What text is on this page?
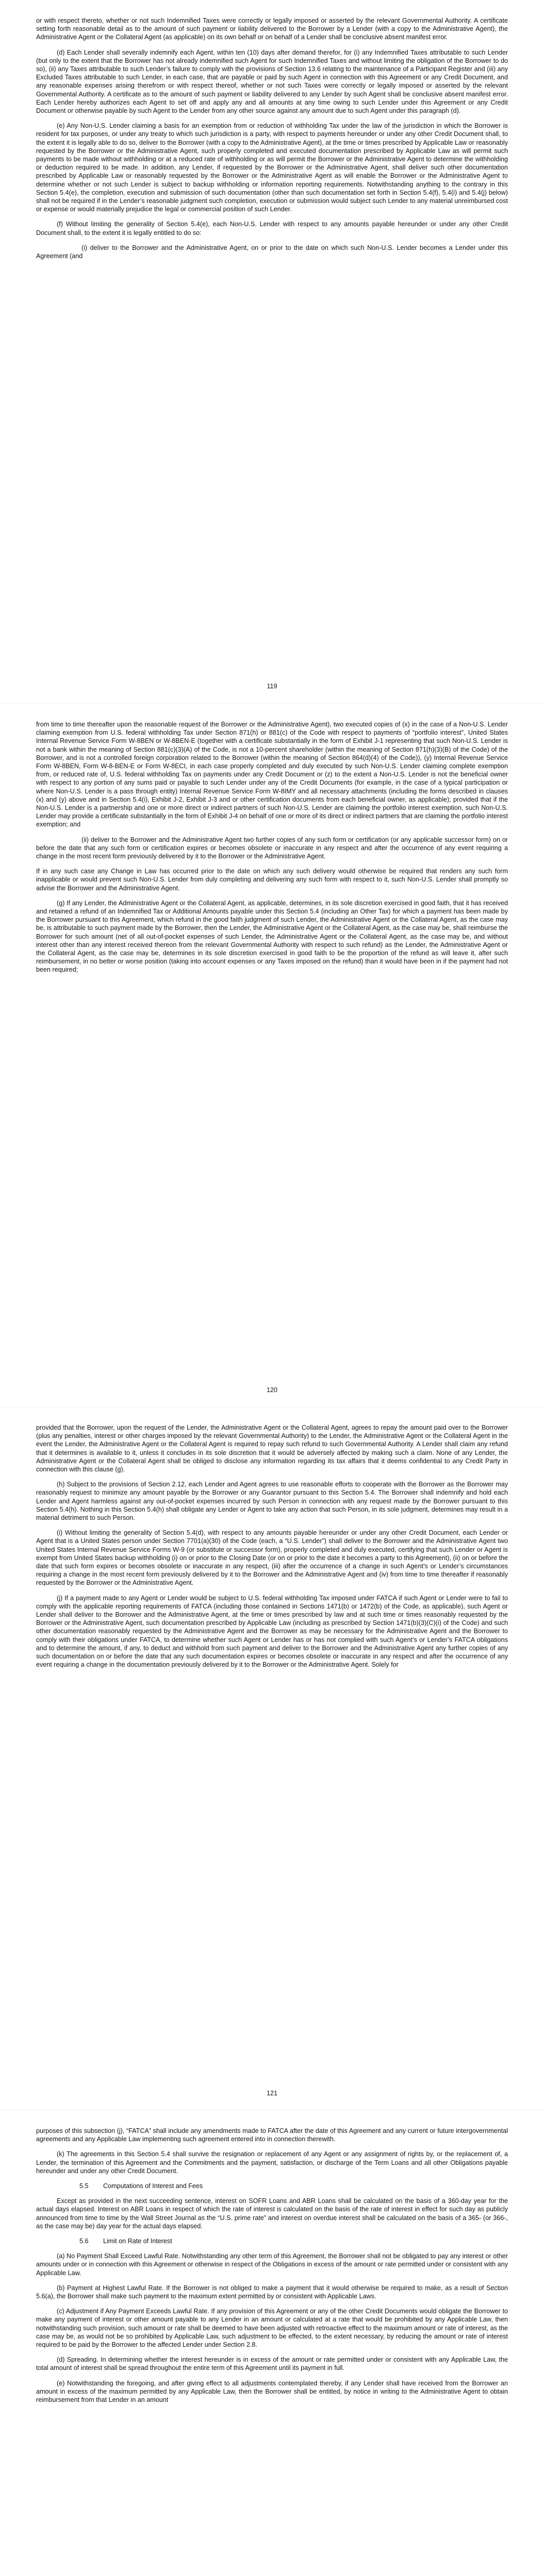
or with respect thereto, whether or not such Indemnified Taxes were correctly or legally imposed or asserted by the relevant Governmental Authority. A certificate setting forth reasonable detail as to the amount of such payment or liability delivered to the Borrower by a Lender (with a copy to the Administrative Agent), the Administrative Agent or the Collateral Agent (as applicable) on its own behalf or on behalf of a Lender shall be conclusive absent manifest error.

(d) Each Lender shall severally indemnify each Agent, within ten (10) days after demand therefor, for (i) any Indemnified Taxes attributable to such Lender (but only to the extent that the Borrower has not already indemnified such Agent for such Indemnified Taxes and without limiting the obligation of the Borrower to do so), (ii) any Taxes attributable to such Lender’s failure to comply with the provisions of Section 13.6 relating to the maintenance of a Participant Register and (iii) any Excluded Taxes attributable to such Lender, in each case, that are payable or paid by such Agent in connection with this Agreement or any Credit Document, and any reasonable expenses arising therefrom or with respect thereof, whether or not such Taxes were correctly or legally imposed or asserted by the relevant Governmental Authority. A certificate as to the amount of such payment or liability delivered to any Lender by such Agent shall be conclusive absent manifest error. Each Lender hereby authorizes each Agent to set off and apply any and all amounts at any time owing to such Lender under this Agreement or any Credit Document or otherwise payable by such Agent to the Lender from any other source against any amount due to such Agent under this paragraph (d).

(e) Any Non-U.S. Lender claiming a basis for an exemption from or reduction of withholding Tax under the law of the jurisdiction in which the Borrower is resident for tax purposes, or under any treaty to which such jurisdiction is a party, with respect to payments hereunder or under any other Credit Document shall, to the extent it is legally able to do so, deliver to the Borrower (with a copy to the Administrative Agent), at the time or times prescribed by Applicable Law or reasonably requested by the Borrower or the Administrative Agent, such properly completed and executed documentation prescribed by Applicable Law as will permit such payments to be made without withholding or at a reduced rate of withholding or as will permit the Borrower or the Administrative Agent to determine the withholding or deduction required to be made. In addition, any Lender, if requested by the Borrower or the Administrative Agent, shall deliver such other documentation prescribed by Applicable Law or reasonably requested by the Borrower or the Administrative Agent as will enable the Borrower or the Administrative Agent to determine whether or not such Lender is subject to backup withholding or information reporting requirements. Notwithstanding anything to the contrary in this Section 5.4(e), the completion, execution and submission of such documentation (other than such documentation set forth in Section 5.4(f), 5.4(i) and 5.4(j) below) shall not be required if in the Lender’s reasonable judgment such completion, execution or submission would subject such Lender to any material unreimbursed cost or expense or would materially prejudice the legal or commercial position of such Lender.

(f) Without limiting the generality of Section 5.4(e), each Non-U.S. Lender with respect to any amounts payable hereunder or under any other Credit Document shall, to the extent it is legally entitled to do so:

(i) deliver to the Borrower and the Administrative Agent, on or prior to the date on which such Non-U.S. Lender becomes a Lender under this Agreement (and

119

from time to time thereafter upon the reasonable request of the Borrower or the Administrative Agent), two executed copies of (x) in the case of a Non-U.S. Lender claiming exemption from U.S. federal withholding Tax under Section 871(h) or 881(c) of the Code with respect to payments of “portfolio interest”, United States Internal Revenue Service Form W-8BEN or W-8BEN-E (together with a certificate substantially in the form of Exhibit J-1 representing that such Non-U.S. Lender is not a bank within the meaning of Section 881(c)(3)(A) of the Code, is not a 10-percent shareholder (within the meaning of Section 871(h)(3)(B) of the Code) of the Borrower, and is not a controlled foreign corporation related to the Borrower (within the meaning of Section 864(d)(4) of the Code)), (y) Internal Revenue Service Form W-8BEN, Form W-8-BEN-E or Form W-8ECI, in each case properly completed and duly executed by such Non-U.S. Lender claiming complete exemption from, or reduced rate of, U.S. federal withholding Tax on payments under any Credit Document or (z) to the extent a Non-U.S. Lender is not the beneficial owner with respect to any portion of any sums paid or payable to such Lender under any of the Credit Documents (for example, in the case of a typical participation or where Non-U.S. Lender is a pass through entity) Internal Revenue Service Form W-8IMY and all necessary attachments (including the forms described in clauses (x) and (y) above and in Section 5.4(i), Exhibit J-2, Exhibit J-3 and or other certification documents from each beneficial owner, as applicable); provided that if the Non-U.S. Lender is a partnership and one or more direct or indirect partners of such Non-U.S. Lender are claiming the portfolio interest exemption, such Non-U.S. Lender may provide a certificate substantially in the form of Exhibit J-4 on behalf of one or more of its direct or indirect partners that are claiming the portfolio interest exemption; and

(ii) deliver to the Borrower and the Administrative Agent two further copies of any such form or certification (or any applicable successor form) on or before the date that any such form or certification expires or becomes obsolete or inaccurate in any respect and after the occurrence of any event requiring a change in the most recent form previously delivered by it to the Borrower or the Administrative Agent.

If in any such case any Change in Law has occurred prior to the date on which any such delivery would otherwise be required that renders any such form inapplicable or would prevent such Non-U.S. Lender from duly completing and delivering any such form with respect to it, such Non-U.S. Lender shall promptly so advise the Borrower and the Administrative Agent.

(g) If any Lender, the Administrative Agent or the Collateral Agent, as applicable, determines, in its sole discretion exercised in good faith, that it has received and retained a refund of an Indemnified Tax or Additional Amounts payable under this Section 5.4 (including an Other Tax) for which a payment has been made by the Borrower pursuant to this Agreement, which refund in the good faith judgment of such Lender, the Administrative Agent or the Collateral Agent, as the case may be, is attributable to such payment made by the Borrower, then the Lender, the Administrative Agent or the Collateral Agent, as the case may be, shall reimburse the Borrower for such amount (net of all out-of-pocket expenses of such Lender, the Administrative Agent or the Collateral Agent, as the case may be, and without interest other than any interest received thereon from the relevant Governmental Authority with respect to such refund) as the Lender, the Administrative Agent or the Collateral Agent, as the case may be, determines in its sole discretion exercised in good faith to be the proportion of the refund as will leave it, after such reimbursement, in no better or worse position (taking into account expenses or any Taxes imposed on the refund) than it would have been in if the payment had not been required;

120

provided that the Borrower, upon the request of the Lender, the Administrative Agent or the Collateral Agent, agrees to repay the amount paid over to the Borrower (plus any penalties, interest or other charges imposed by the relevant Governmental Authority) to the Lender, the Administrative Agent or the Collateral Agent in the event the Lender, the Administrative Agent or the Collateral Agent is required to repay such refund to such Governmental Authority. A Lender shall claim any refund that it determines is available to it, unless it concludes in its sole discretion that it would be adversely affected by making such a claim. None of any Lender, the Administrative Agent or the Collateral Agent shall be obliged to disclose any information regarding its tax affairs that it deems confidential to any Credit Party in connection with this clause (g).

(h) Subject to the provisions of Section 2.12, each Lender and Agent agrees to use reasonable efforts to cooperate with the Borrower as the Borrower may reasonably request to minimize any amount payable by the Borrower or any Guarantor pursuant to this Section 5.4. The Borrower shall indemnify and hold each Lender and Agent harmless against any out-of-pocket expenses incurred by such Person in connection with any request made by the Borrower pursuant to this Section 5.4(h). Nothing in this Section 5.4(h) shall obligate any Lender or Agent to take any action that such Person, in its sole judgment, determines may result in a material detriment to such Person.

(i) Without limiting the generality of Section 5.4(d), with respect to any amounts payable hereunder or under any other Credit Document, each Lender or Agent that is a United States person under Section 7701(a)(30) of the Code (each, a “U.S. Lender”) shall deliver to the Borrower and the Administrative Agent two United States Internal Revenue Service Forms W-9 (or substitute or successor form), properly completed and duly executed, certifying that such Lender or Agent is exempt from United States backup withholding (i) on or prior to the Closing Date (or on or prior to the date it becomes a party to this Agreement), (ii) on or before the date that such form expires or becomes obsolete or inaccurate in any respect, (iii) after the occurrence of a change in such Agent’s or Lender’s circumstances requiring a change in the most recent form previously delivered by it to the Borrower and the Administrative Agent and (iv) from time to time thereafter if reasonably requested by the Borrower or the Administrative Agent.

(j) If a payment made to any Agent or Lender would be subject to U.S. federal withholding Tax imposed under FATCA if such Agent or Lender were to fail to comply with the applicable reporting requirements of FATCA (including those contained in Sections 1471(b) or 1472(b) of the Code, as applicable), such Agent or Lender shall deliver to the Borrower and the Administrative Agent, at the time or times prescribed by law and at such time or times reasonably requested by the Borrower or the Administrative Agent, such documentation prescribed by Applicable Law (including as prescribed by Section 1471(b)(3)(C)(i) of the Code) and such other documentation reasonably requested by the Administrative Agent and the Borrower as may be necessary for the Administrative Agent and the Borrower to comply with their obligations under FATCA, to determine whether such Agent or Lender has or has not complied with such Agent’s or Lender’s FATCA obligations and to determine the amount, if any, to deduct and withhold from such payment and deliver to the Borrower and the Administrative Agent any further copies of any such documentation on or before the date that any such documentation expires or becomes obsolete or inaccurate in any respect and after the occurrence of any event requiring a change in the documentation previously delivered by it to the Borrower or the Administrative Agent. Solely for

121

purposes of this subsection (j), “FATCA” shall include any amendments made to FATCA after the date of this Agreement and any current or future intergovernmental agreements and any Applicable Law implementing such agreement entered into in connection therewith.

(k) The agreements in this Section 5.4 shall survive the resignation or replacement of any Agent or any assignment of rights by, or the replacement of, a Lender, the termination of this Agreement and the Commitments and the payment, satisfaction, or discharge of the Term Loans and all other Obligations payable hereunder and under any other Credit Document.

5.5 Computations of Interest and Fees

Except as provided in the next succeeding sentence, interest on SOFR Loans and ABR Loans shall be calculated on the basis of a 360-day year for the actual days elapsed. Interest on ABR Loans in respect of which the rate of interest is calculated on the basis of the rate of interest in effect for such day as publicly announced from time to time by the Wall Street Journal as the “U.S. prime rate” and interest on overdue interest shall be calculated on the basis of a 365- (or 366-, as the case may be) day year for the actual days elapsed.

5.6 Limit on Rate of Interest

(a) No Payment Shall Exceed Lawful Rate. Notwithstanding any other term of this Agreement, the Borrower shall not be obligated to pay any interest or other amounts under or in connection with this Agreement or otherwise in respect of the Obligations in excess of the amount or rate permitted under or consistent with any Applicable Law.

(b) Payment at Highest Lawful Rate. If the Borrower is not obliged to make a payment that it would otherwise be required to make, as a result of Section 5.6(a), the Borrower shall make such payment to the maximum extent permitted by or consistent with Applicable Laws.

(c) Adjustment if Any Payment Exceeds Lawful Rate. If any provision of this Agreement or any of the other Credit Documents would obligate the Borrower to make any payment of interest or other amount payable to any Lender in an amount or calculated at a rate that would be prohibited by any Applicable Law, then notwithstanding such provision, such amount or rate shall be deemed to have been adjusted with retroactive effect to the maximum amount or rate of interest, as the case may be, as would not be so prohibited by Applicable Law, such adjustment to be effected, to the extent necessary, by reducing the amount or rate of interest required to be paid by the Borrower to the affected Lender under Section 2.8.

(d) Spreading. In determining whether the interest hereunder is in excess of the amount or rate permitted under or consistent with any Applicable Law, the total amount of interest shall be spread throughout the entire term of this Agreement until its payment in full.

(e) Notwithstanding the foregoing, and after giving effect to all adjustments contemplated thereby, if any Lender shall have received from the Borrower an amount in excess of the maximum permitted by any Applicable Law, then the Borrower shall be entitled, by notice in writing to the Administrative Agent to obtain reimbursement from that Lender in an amount
